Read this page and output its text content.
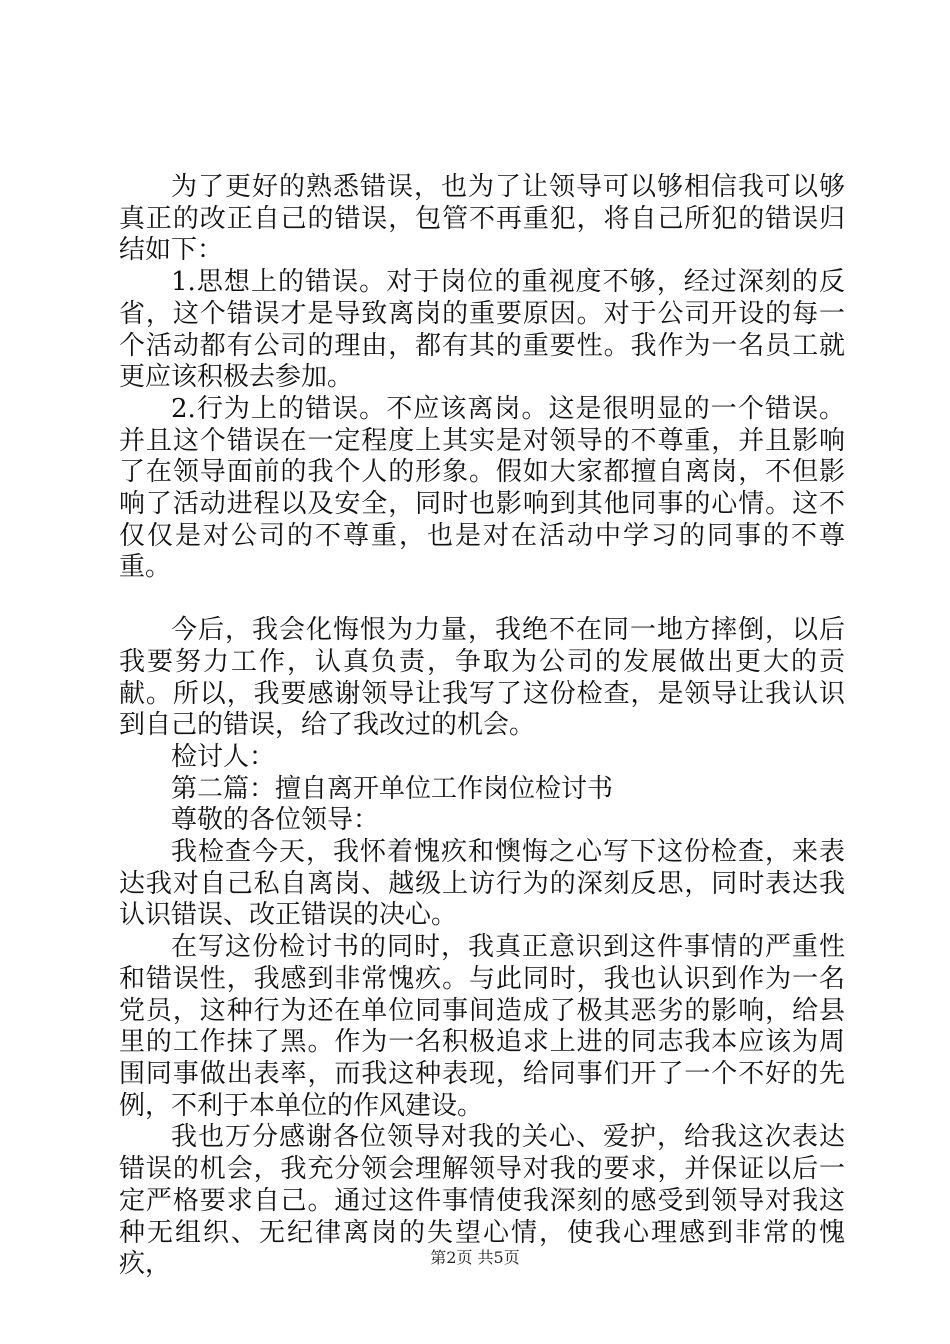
为了更好的熟悉错误，也为了让领导可以够相信我可以够真正的改正自己的错误，包管不再重犯，将自己所犯的错误归结如下：

1.思想上的错误。对于岗位的重视度不够，经过深刻的反省，这个错误才是导致离岗的重要原因。对于公司开设的每一个活动都有公司的理由，都有其的重要性。我作为一名员工就更应该积极去参加。

2.行为上的错误。不应该离岗。这是很明显的一个错误。并且这个错误在一定程度上其实是对领导的不尊重，并且影响了在领导面前的我个人的形象。假如大家都擅自离岗，不但影响了活动进程以及安全，同时也影响到其他同事的心情。这不仅仅是对公司的不尊重，也是对在活动中学习的同事的不尊重。

今后，我会化悔恨为力量，我绝不在同一地方摔倒，以后我要努力工作，认真负责，争取为公司的发展做出更大的贡献。所以，我要感谢领导让我写了这份检查，是领导让我认识到自己的错误，给了我改过的机会。

检讨人：

第二篇：擅自离开单位工作岗位检讨书

尊敬的各位领导：

我检查今天，我怀着愧疚和懊悔之心写下这份检查，来表达我对自己私自离岗、越级上访行为的深刻反思，同时表达我认识错误、改正错误的决心。

在写这份检讨书的同时，我真正意识到这件事情的严重性和错误性，我感到非常愧疚。与此同时，我也认识到作为一名党员，这种行为还在单位同事间造成了极其恶劣的影响，给县里的工作抹了黑。作为一名积极追求上进的同志我本应该为周围同事做出表率，而我这种表现，给同事们开了一个不好的先例，不利于本单位的作风建设。

我也万分感谢各位领导对我的关心、爱护，给我这次表达错误的机会，我充分领会理解领导对我的要求，并保证以后一定严格要求自己。通过这件事情使我深刻的感受到领导对我这种无组织、无纪律离岗的失望心情，使我心理感到非常的愧疚，	第2页 共5页
